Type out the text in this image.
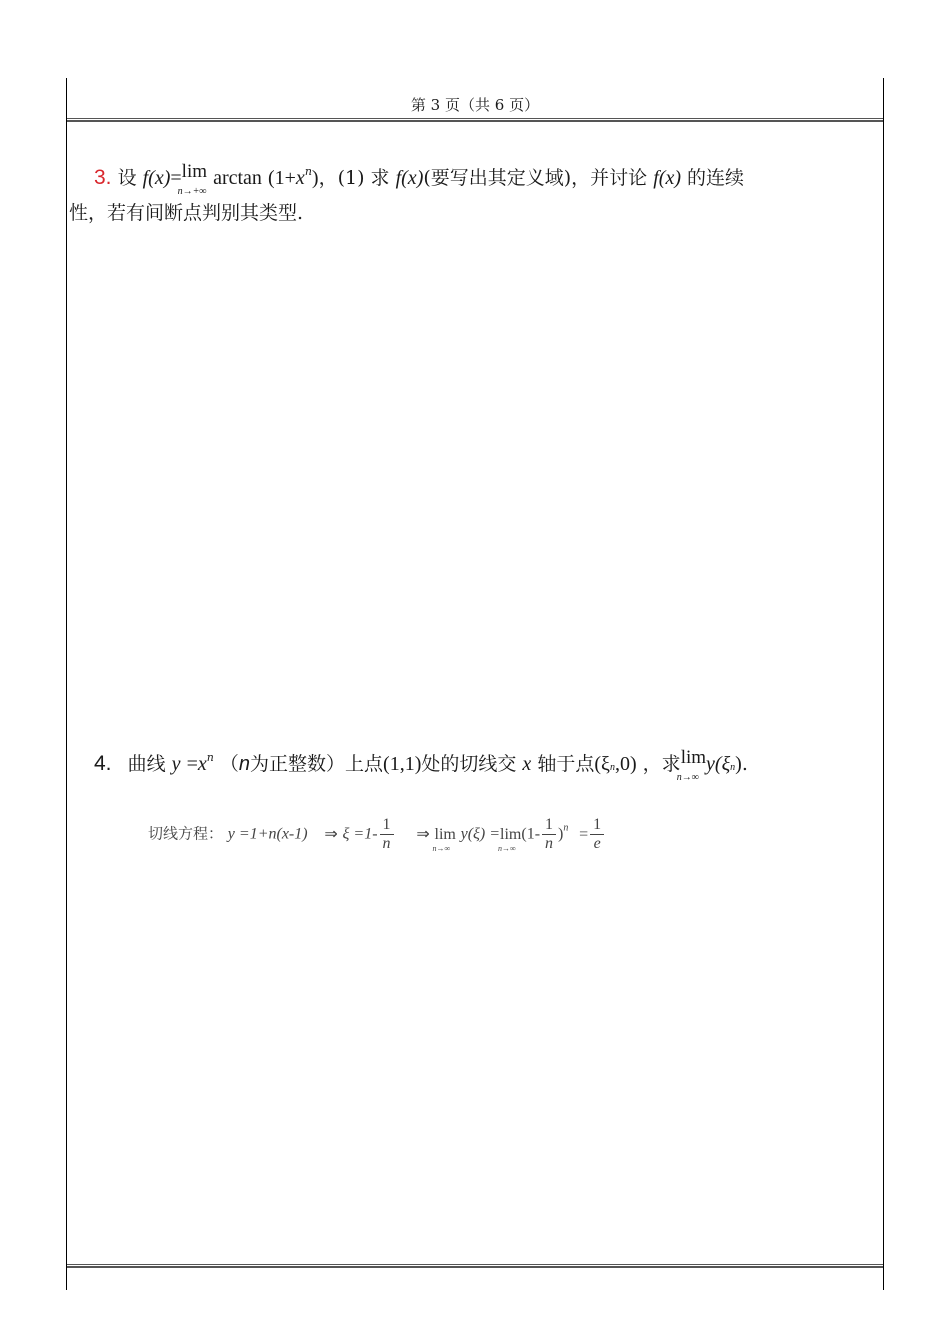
第 3 页（共 6 页）
3. 设 f(x)=lim
n→+∞
$\arctan (1+x^n)$，(1) 求 f(x)(要写出其定义域)，并讨论 f(x) 的连续
性，若有间断点判别其类型.
4. 曲线 $y =x^n$ （n为正整数）上点(1,1)处的切线交 x 轴于点(ξn,0) ，求lim
n→∞
y(ξn).
切线方程： y =1+n(x-1) ⇒ $\xi =1- \frac{1}{n}$ ⇒ lim
n→∞
y(ξ) =lim
n→∞
$(1- \frac{1}{n} )^n = \frac{1}{e}$
